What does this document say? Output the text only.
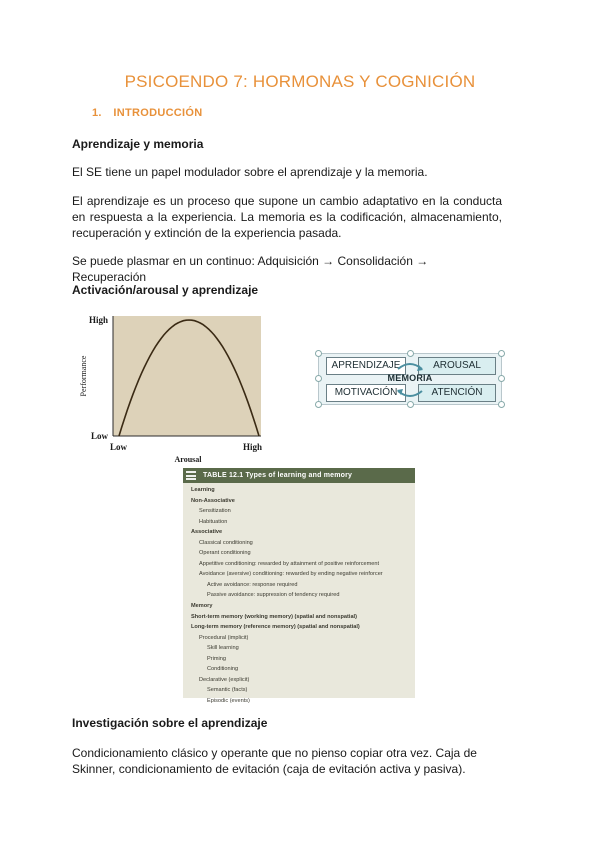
PSICOENDO 7: HORMONAS Y COGNICIÓN
1. INTRODUCCIÓN
Aprendizaje y memoria
El SE tiene un papel modulador sobre el aprendizaje y la memoria.
El aprendizaje es un proceso que supone un cambio adaptativo en la conducta en respuesta a la experiencia. La memoria es la codificación, almacenamiento, recuperación y extinción de la experiencia pasada.
Se puede plasmar en un continuo: Adquisición → Consolidación → Recuperación
Activación/arousal y aprendizaje
High
Low
Low	High
Arousal
Performance	APRENDIZAJE	AROUSAL
MOTIVACIÓN	ATENCIÓN
MEMORIA
TABLE 12.1 Types of learning and memory
Learning
Non-Associative
Sensitization
Habituation
Associative
Classical conditioning
Operant conditioning
Appetitive conditioning: rewarded by attainment of positive reinforcement
Avoidance (aversive) conditioning: rewarded by ending negative reinforcer
Active avoidance: response required
Passive avoidance: suppression of tendency required
Memory
Short-term memory (working memory) (spatial and nonspatial)
Long-term memory (reference memory) (spatial and nonspatial)
Procedural (implicit)
Skill learning
Priming
Conditioning
Declarative (explicit)
Semantic (facts)
Episodic (events)
Investigación sobre el aprendizaje
Condicionamiento clásico y operante que no pienso copiar otra vez. Caja de Skinner, condicionamiento de evitación (caja de evitación activa y pasiva).
